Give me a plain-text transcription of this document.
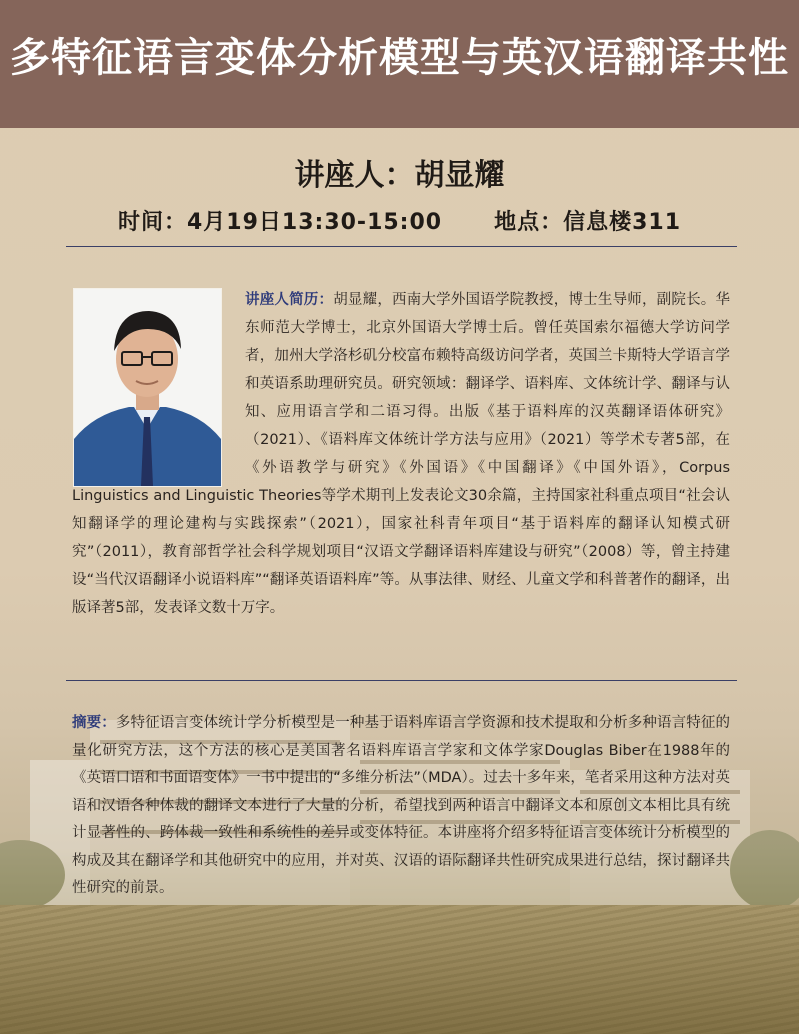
多特征语言变体分析模型与英汉语翻译共性
讲座人：胡显耀
时间：4月19日13:30-15:00 地点：信息楼311
讲座人简历：胡显耀，西南大学外国语学院教授，博士生导师，副院长。华东师范大学博士，北京外国语大学博士后。曾任英国索尔福德大学访问学者，加州大学洛杉矶分校富布赖特高级访问学者，英国兰卡斯特大学语言学和英语系助理研究员。研究领域：翻译学、语料库、文体统计学、翻译与认知、应用语言学和二语习得。出版《基于语料库的汉英翻译语体研究》（2021）、《语料库文体统计学方法与应用》（2021）等学术专著5部，在《外语教学与研究》《外国语》《中国翻译》《中国外语》，Corpus Linguistics and Linguistic Theories等学术期刊上发表论文30余篇，主持国家社科重点项目“社会认知翻译学的理论建构与实践探索”（2021），国家社科青年项目“基于语料库的翻译认知模式研究”（2011），教育部哲学社会科学规划项目“汉语文学翻译语料库建设与研究”（2008）等，曾主持建设“当代汉语翻译小说语料库”“翻译英语语料库”等。从事法律、财经、儿童文学和科普著作的翻译，出版译著5部，发表译文数十万字。
摘要：多特征语言变体统计学分析模型是一种基于语料库语言学资源和技术提取和分析多种语言特征的量化研究方法，这个方法的核心是美国著名语料库语言学家和文体学家Douglas Biber在1988年的《英语口语和书面语变体》一书中提出的“多维分析法”（MDA）。过去十多年来，笔者采用这种方法对英语和汉语各种体裁的翻译文本进行了大量的分析，希望找到两种语言中翻译文本和原创文本相比具有统计显著性的、跨体裁一致性和系统性的差异或变体特征。本讲座将介绍多特征语言变体统计分析模型的构成及其在翻译学和其他研究中的应用，并对英、汉语的语际翻译共性研究成果进行总结，探讨翻译共性研究的前景。
